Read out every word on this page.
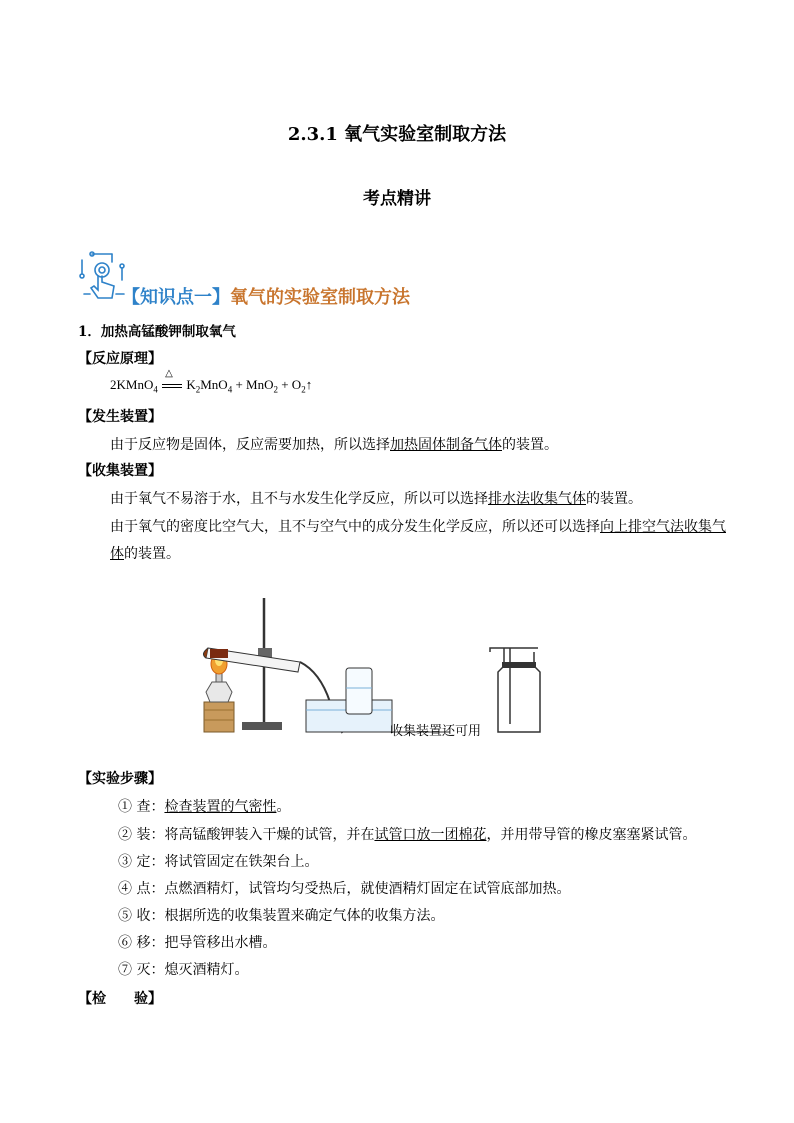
2.3.1 氧气实验室制取方法
考点精讲
【知识点一】氧气的实验室制取方法
1．加热高锰酸钾制取氧气
【反应原理】
2KMnO$_4$
△
$K_2MnO_4 + MnO_2$ + $O_2↑$
【发生装置】
由于反应物是固体，反应需要加热，所以选择加热固体制备气体的装置。
【收集装置】
由于氧气不易溶于水，且不与水发生化学反应，所以可以选择排水法收集气体的装置。
由于氧气的密度比空气大，且不与空气中的成分发生化学反应，所以还可以选择向上排空气法收集气
体的装置。
收集装置还可用
【实验步骤】
① 查：检查装置的气密性。
② 装：将高锰酸钾装入干燥的试管，并在试管口放一团棉花，并用带导管的橡皮塞塞紧试管。
③ 定：将试管固定在铁架台上。
④ 点：点燃酒精灯，试管均匀受热后，就使酒精灯固定在试管底部加热。
⑤ 收：根据所选的收集装置来确定气体的收集方法。
⑥ 移：把导管移出水槽。
⑦ 灭：熄灭酒精灯。
【检 验】
